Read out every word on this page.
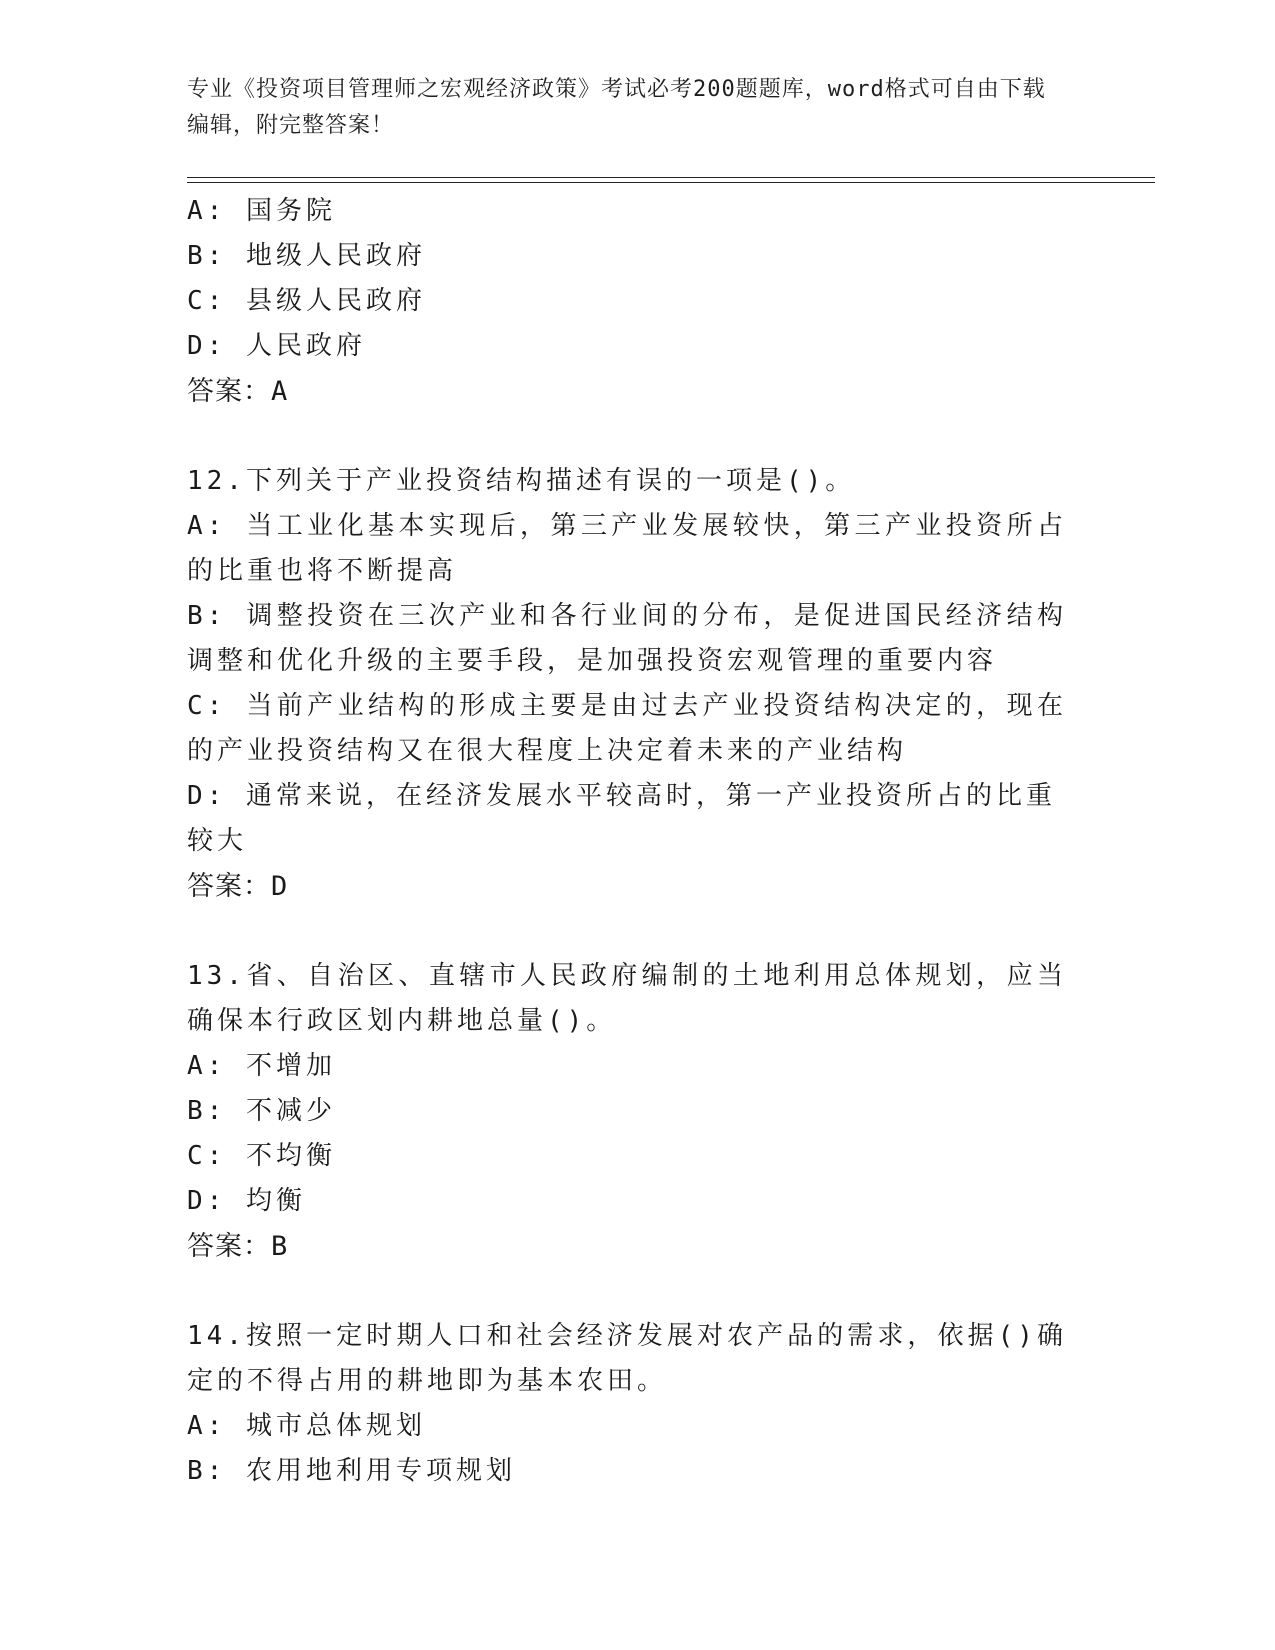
专业《投资项目管理师之宏观经济政策》考试必考200题题库，word格式可自由下载编辑，附完整答案！
A: 国务院
B: 地级人民政府
C: 县级人民政府
D: 人民政府
答案：A
12.下列关于产业投资结构描述有误的一项是()。
A: 当工业化基本实现后，第三产业发展较快，第三产业投资所占的比重也将不断提高
B: 调整投资在三次产业和各行业间的分布，是促进国民经济结构调整和优化升级的主要手段，是加强投资宏观管理的重要内容
C: 当前产业结构的形成主要是由过去产业投资结构决定的，现在的产业投资结构又在很大程度上决定着未来的产业结构
D: 通常来说，在经济发展水平较高时，第一产业投资所占的比重较大
答案：D
13.省、自治区、直辖市人民政府编制的土地利用总体规划，应当确保本行政区划内耕地总量()。
A: 不增加
B: 不减少
C: 不均衡
D: 均衡
答案：B
14.按照一定时期人口和社会经济发展对农产品的需求，依据()确定的不得占用的耕地即为基本农田。
A: 城市总体规划
B: 农用地利用专项规划
